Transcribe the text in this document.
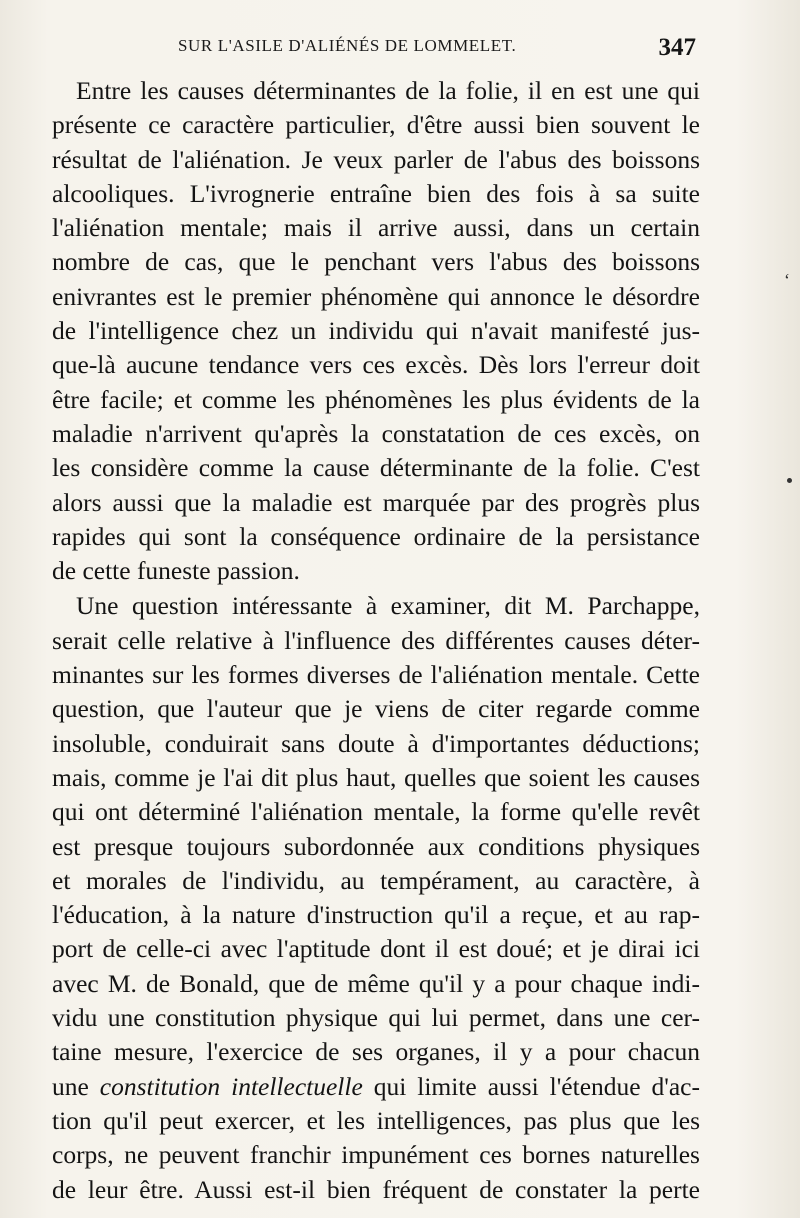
SUR L'ASILE D'ALIÉNÉS DE LOMMELET.	347
Entre les causes déterminantes de la folie, il en est une qui
présente ce caractère particulier, d'être aussi bien souvent le
résultat de l'aliénation. Je veux parler de l'abus des boissons
alcooliques. L'ivrognerie entraîne bien des fois à sa suite
l'aliénation mentale; mais il arrive aussi, dans un certain
nombre de cas, que le penchant vers l'abus des boissons
enivrantes est le premier phénomène qui annonce le désordre
de l'intelligence chez un individu qui n'avait manifesté jus-
que-là aucune tendance vers ces excès. Dès lors l'erreur doit
être facile; et comme les phénomènes les plus évidents de la
maladie n'arrivent qu'après la constatation de ces excès, on
les considère comme la cause déterminante de la folie. C'est
alors aussi que la maladie est marquée par des progrès plus
rapides qui sont la conséquence ordinaire de la persistance
de cette funeste passion.
Une question intéressante à examiner, dit M. Parchappe,
serait celle relative à l'influence des différentes causes déter-
minantes sur les formes diverses de l'aliénation mentale. Cette
question, que l'auteur que je viens de citer regarde comme
insoluble, conduirait sans doute à d'importantes déductions;
mais, comme je l'ai dit plus haut, quelles que soient les causes
qui ont déterminé l'aliénation mentale, la forme qu'elle revêt
est presque toujours subordonnée aux conditions physiques
et morales de l'individu, au tempérament, au caractère, à
l'éducation, à la nature d'instruction qu'il a reçue, et au rap-
port de celle-ci avec l'aptitude dont il est doué; et je dirai ici
avec M. de Bonald, que de même qu'il y a pour chaque indi-
vidu une constitution physique qui lui permet, dans une cer-
taine mesure, l'exercice de ses organes, il y a pour chacun
une constitution intellectuelle qui limite aussi l'étendue d'ac-
tion qu'il peut exercer, et les intelligences, pas plus que les
corps, ne peuvent franchir impunément ces bornes naturelles
de leur être. Aussi est-il bien fréquent de constater la perte
‘
